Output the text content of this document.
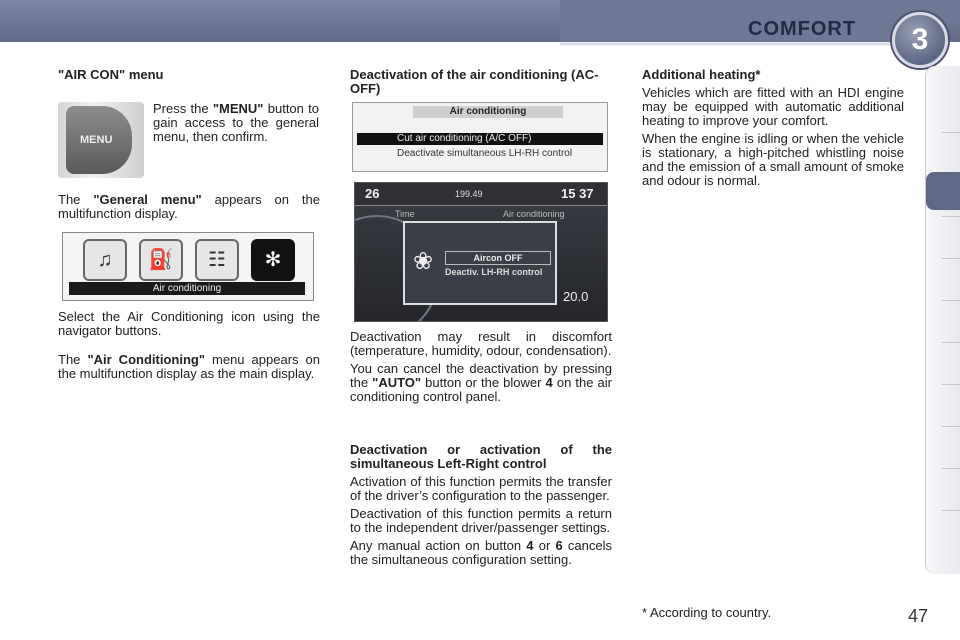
COMFORT	3

"AIR CON" menu

MENU

Press the "MENU" button to gain access to the general menu, then confirm.

The "General menu" appears on the multifunction display.

♫	⛽	☷	✻
Air conditioning

Select the Air Conditioning icon using the navigator buttons.

The "Air Conditioning" menu appears on the multifunction display as the main display.

Deactivation of the air conditioning (AC-OFF)

Air conditioning
Cut air conditioning (A/C OFF)
Deactivate simultaneous LH-RH control
26	199.49	15 37
Time	Air conditioning
❀	Aircon OFF
Deactiv. LH-RH control
20.0

Deactivation may result in discomfort (temperature, humidity, odour, condensation).

You can cancel the deactivation by pressing the "AUTO" button or the blower 4 on the air conditioning control panel.

Deactivation or activation of the simultaneous Left-Right control

Activation of this function permits the transfer of the driver’s configuration to the passenger.

Deactivation of this function permits a return to the independent driver/passenger settings.

Any manual action on button 4 or 6 cancels the simultaneous configuration setting.

Additional heating*

Vehicles which are fitted with an HDI engine may be equipped with automatic additional heating to improve your comfort.

When the engine is idling or when the vehicle is stationary, a high-pitched whistling noise and the emission of a small amount of smoke and odour is normal.

* According to country.	47
